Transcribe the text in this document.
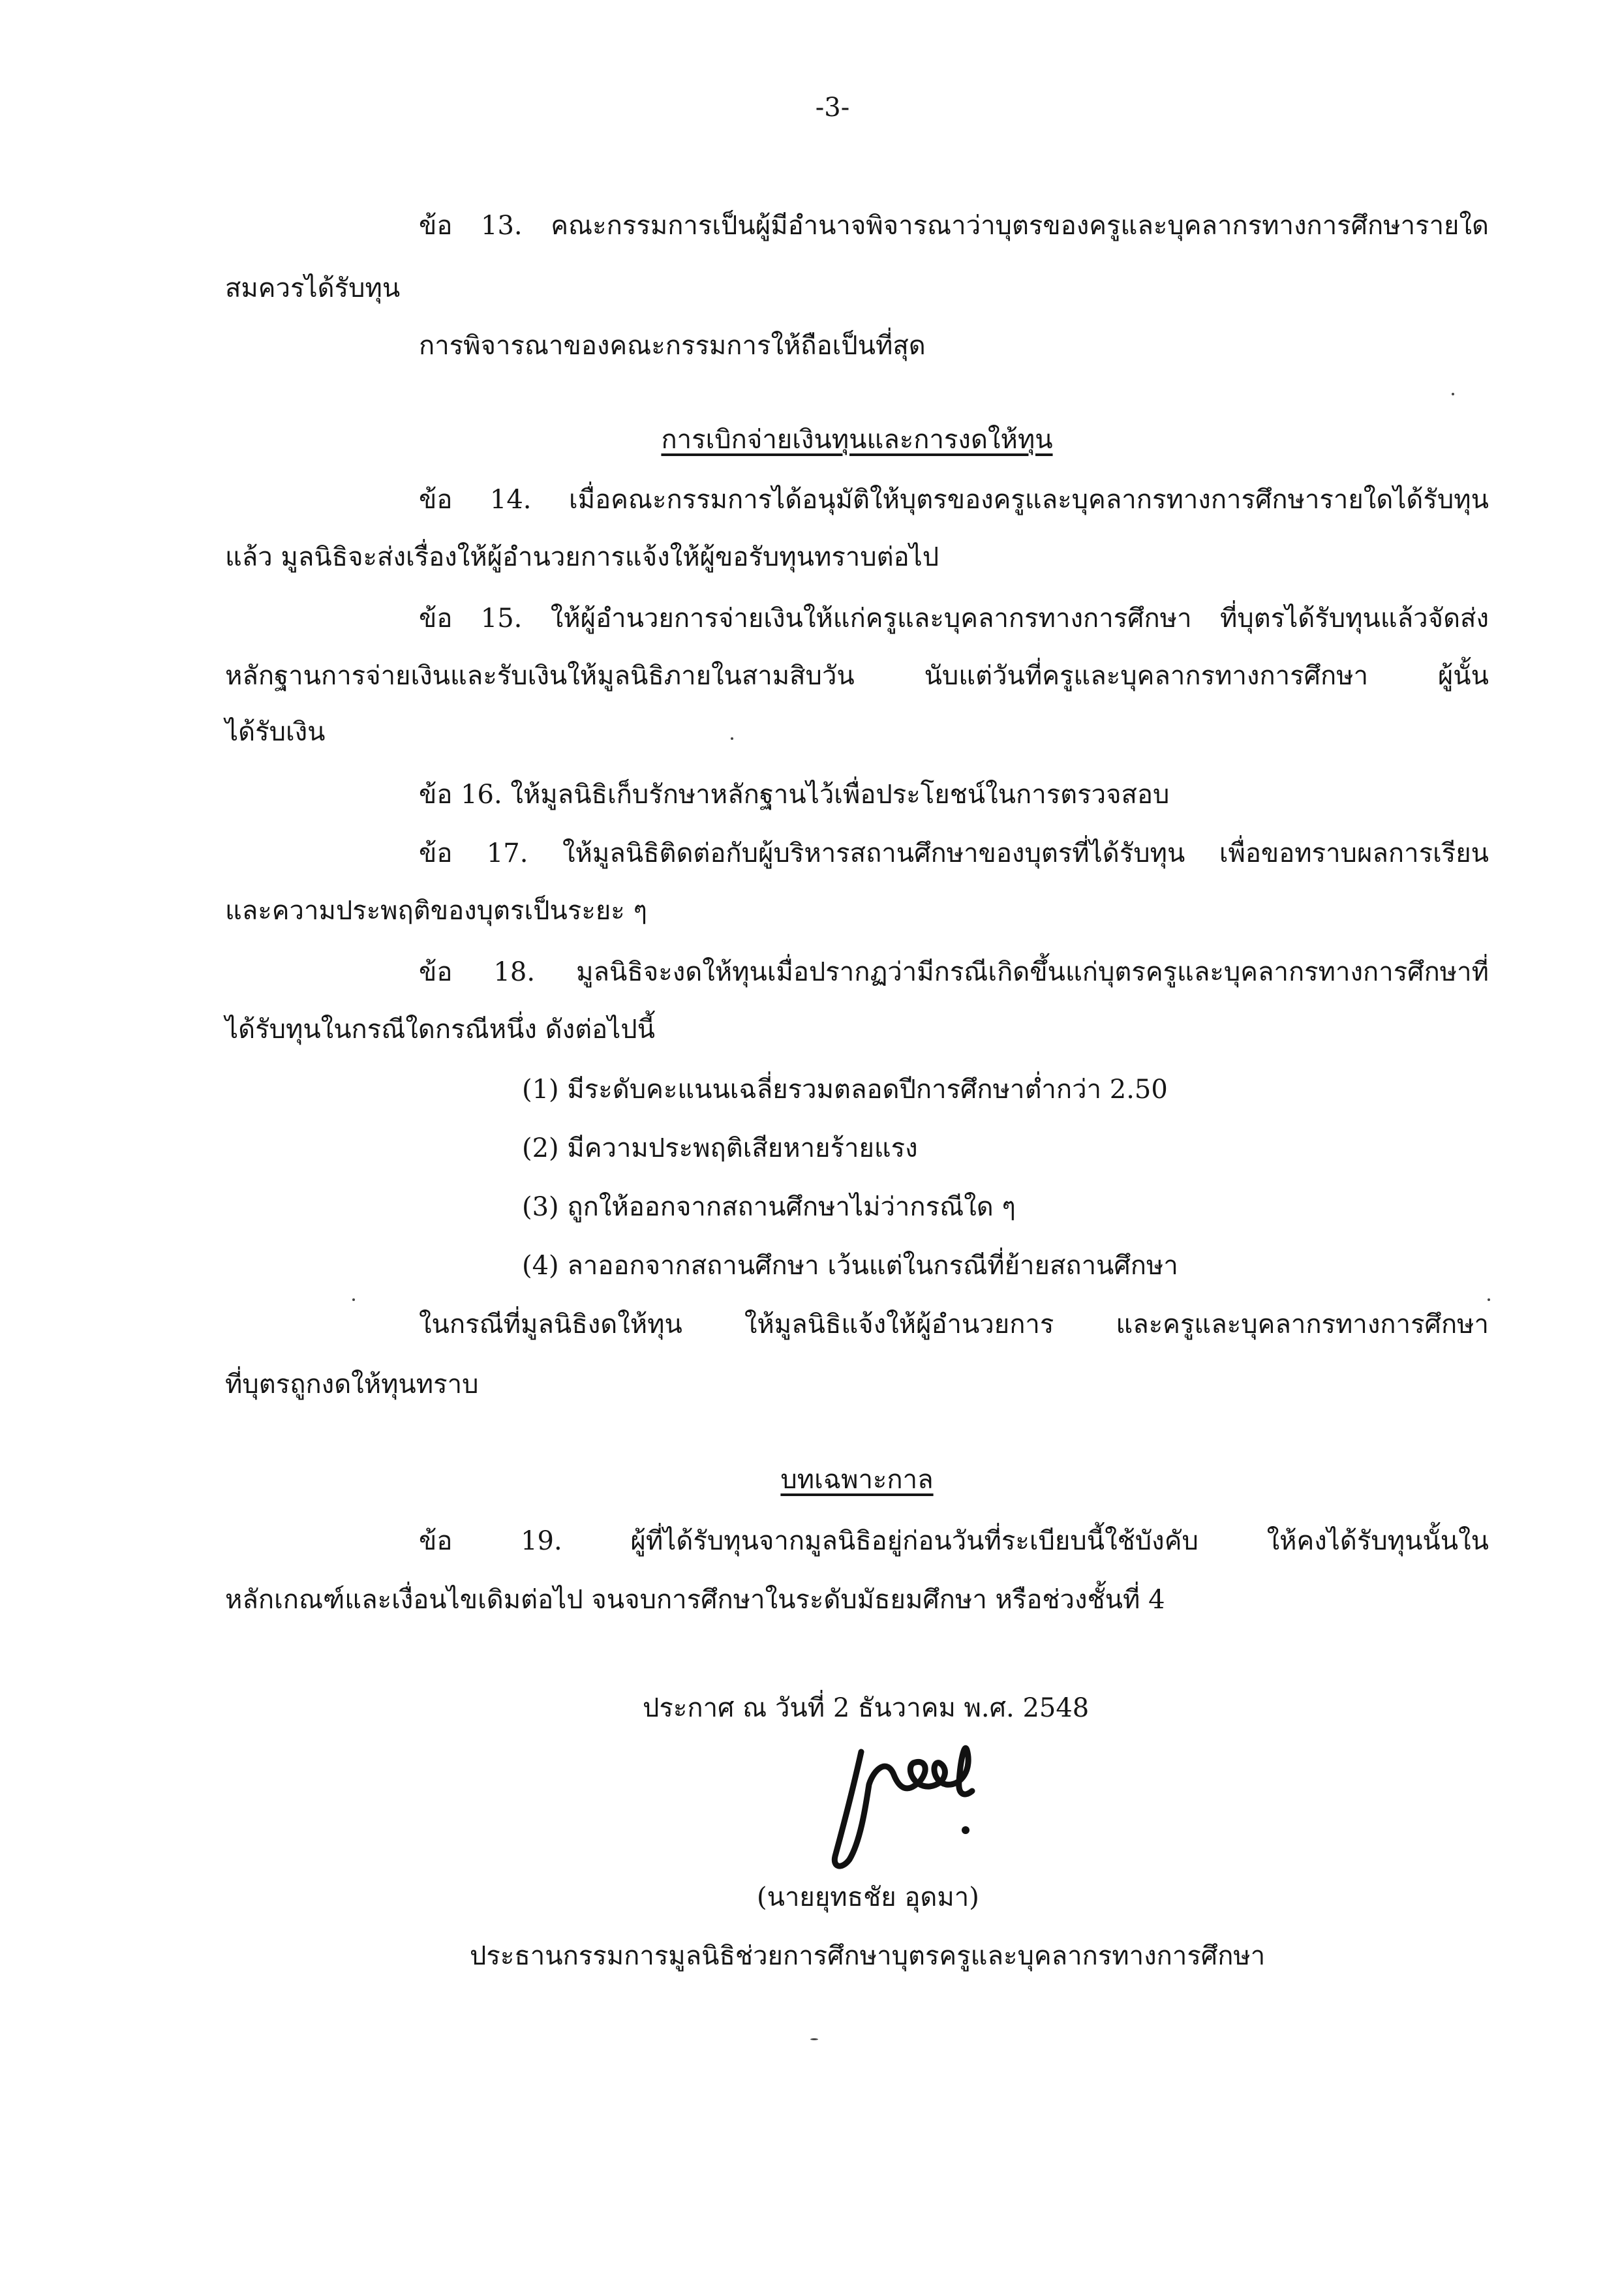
-3-
ข้อ 13. คณะกรรมการเป็นผู้มีอำนาจพิจารณาว่าบุตรของครูและบุคลากรทางการศึกษารายใด
สมควรได้รับทุน
การพิจารณาของคณะกรรมการให้ถือเป็นที่สุด
การเบิกจ่ายเงินทุนและการงดให้ทุน
ข้อ 14. เมื่อคณะกรรมการได้อนุมัติให้บุตรของครูและบุคลากรทางการศึกษารายใดได้รับทุน
แล้ว มูลนิธิจะส่งเรื่องให้ผู้อำนวยการแจ้งให้ผู้ขอรับทุนทราบต่อไป
ข้อ 15. ให้ผู้อำนวยการจ่ายเงินให้แก่ครูและบุคลากรทางการศึกษา ที่บุตรได้รับทุนแล้วจัดส่ง
หลักฐานการจ่ายเงินและรับเงินให้มูลนิธิภายในสามสิบวัน นับแต่วันที่ครูและบุคลากรทางการศึกษา ผู้นั้น
ได้รับเงิน
ข้อ 16. ให้มูลนิธิเก็บรักษาหลักฐานไว้เพื่อประโยชน์ในการตรวจสอบ
ข้อ 17. ให้มูลนิธิติดต่อกับผู้บริหารสถานศึกษาของบุตรที่ได้รับทุน เพื่อขอทราบผลการเรียน
และความประพฤติของบุตรเป็นระยะ ๆ
ข้อ 18. มูลนิธิจะงดให้ทุนเมื่อปรากฏว่ามีกรณีเกิดขึ้นแก่บุตรครูและบุคลากรทางการศึกษาที่
ได้รับทุนในกรณีใดกรณีหนึ่ง ดังต่อไปนี้
(1) มีระดับคะแนนเฉลี่ยรวมตลอดปีการศึกษาต่ำกว่า 2.50
(2) มีความประพฤติเสียหายร้ายแรง
(3) ถูกให้ออกจากสถานศึกษาไม่ว่ากรณีใด ๆ
(4) ลาออกจากสถานศึกษา เว้นแต่ในกรณีที่ย้ายสถานศึกษา
ในกรณีที่มูลนิธิงดให้ทุน ให้มูลนิธิแจ้งให้ผู้อำนวยการ และครูและบุคลากรทางการศึกษา
ที่บุตรถูกงดให้ทุนทราบ
บทเฉพาะกาล
ข้อ 19. ผู้ที่ได้รับทุนจากมูลนิธิอยู่ก่อนวันที่ระเบียบนี้ใช้บังคับ ให้คงได้รับทุนนั้นใน
หลักเกณฑ์และเงื่อนไขเดิมต่อไป จนจบการศึกษาในระดับมัธยมศึกษา หรือช่วงชั้นที่ 4
ประกาศ ณ วันที่ 2 ธันวาคม พ.ศ. 2548
(นายยุทธชัย อุดมา)
ประธานกรรมการมูลนิธิช่วยการศึกษาบุตรครูและบุคลากรทางการศึกษา
